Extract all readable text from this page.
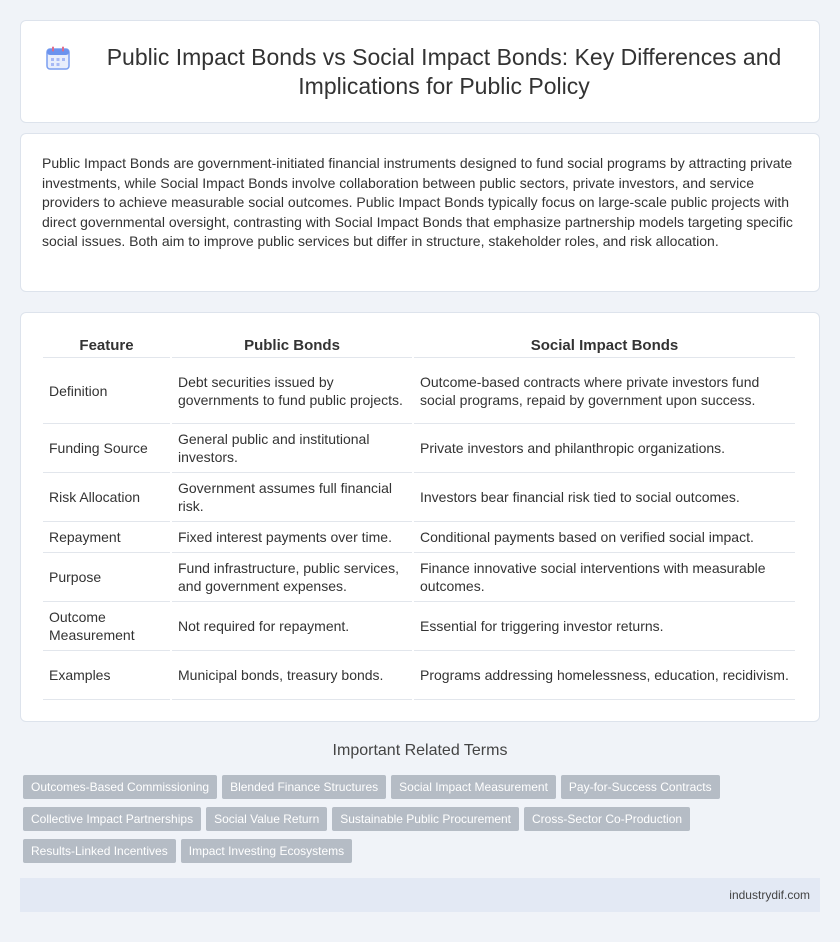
Public Impact Bonds vs Social Impact Bonds: Key Differences and Implications for Public Policy

Public Impact Bonds are government-initiated financial instruments designed to fund social programs by attracting private investments, while Social Impact Bonds involve collaboration between public sectors, private investors, and service providers to achieve measurable social outcomes. Public Impact Bonds typically focus on large-scale public projects with direct governmental oversight, contrasting with Social Impact Bonds that emphasize partnership models targeting specific social issues. Both aim to improve public services but differ in structure, stakeholder roles, and risk allocation.

Feature	Public Bonds	Social Impact Bonds
Definition	Debt securities issued by governments to fund public projects.	Outcome-based contracts where private investors fund social programs, repaid by government upon success.
Funding Source	General public and institutional investors.	Private investors and philanthropic organizations.
Risk Allocation	Government assumes full financial risk.	Investors bear financial risk tied to social outcomes.
Repayment	Fixed interest payments over time.	Conditional payments based on verified social impact.
Purpose	Fund infrastructure, public services, and government expenses.	Finance innovative social interventions with measurable outcomes.
Outcome Measurement	Not required for repayment.	Essential for triggering investor returns.
Examples	Municipal bonds, treasury bonds.	Programs addressing homelessness, education, recidivism.
Important Related Terms
Outcomes-Based Commissioning	Blended Finance Structures	Social Impact Measurement	Pay-for-Success Contracts
Collective Impact Partnerships	Social Value Return	Sustainable Public Procurement	Cross-Sector Co-Production
Results-Linked Incentives	Impact Investing Ecosystems
industrydif.com
